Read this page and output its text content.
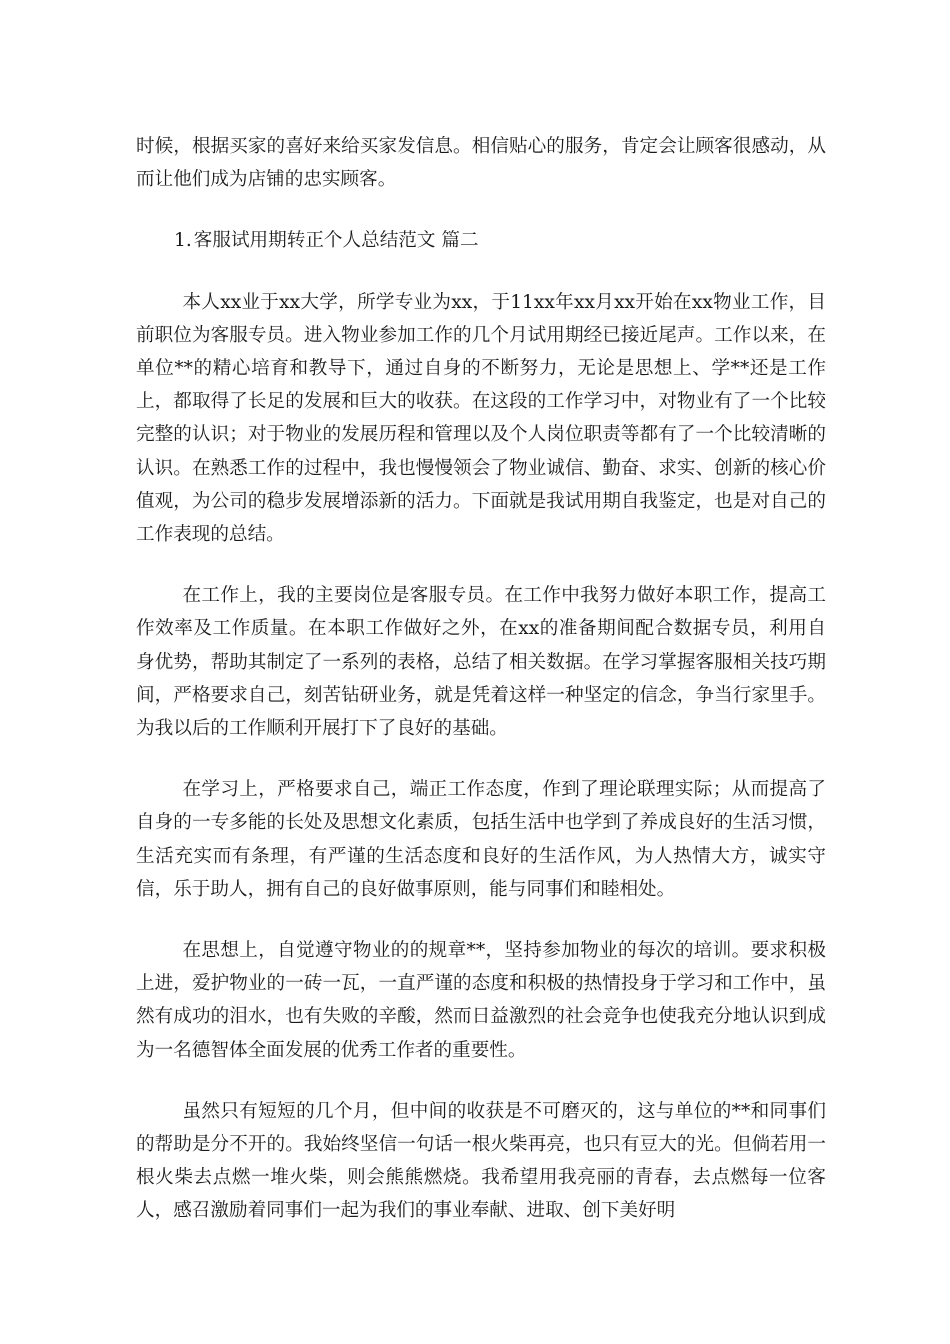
时候，根据买家的喜好来给买家发信息。相信贴心的服务，肯定会让顾客很感动，从而让他们成为店铺的忠实顾客。

1. 客服试用期转正个人总结范文 篇二

本人xx业于xx大学，所学专业为xx，于11xx年xx月xx开始在xx物业工作，目前职位为客服专员。进入物业参加工作的几个月试用期经已接近尾声。工作以来，在单位**的精心培育和教导下，通过自身的不断努力，无论是思想上、学**还是工作上，都取得了长足的发展和巨大的收获。在这段的工作学习中，对物业有了一个比较完整的认识；对于物业的发展历程和管理以及个人岗位职责等都有了一个比较清晰的认识。在熟悉工作的过程中，我也慢慢领会了物业诚信、勤奋、求实、创新的核心价值观，为公司的稳步发展增添新的活力。下面就是我试用期自我鉴定，也是对自己的工作表现的总结。

在工作上，我的主要岗位是客服专员。在工作中我努力做好本职工作，提高工作效率及工作质量。在本职工作做好之外，在xx的准备期间配合数据专员，利用自身优势，帮助其制定了一系列的表格，总结了相关数据。在学习掌握客服相关技巧期间，严格要求自己，刻苦钻研业务，就是凭着这样一种坚定的信念，争当行家里手。为我以后的工作顺利开展打下了良好的基础。

在学习上，严格要求自己，端正工作态度，作到了理论联理实际；从而提高了自身的一专多能的长处及思想文化素质，包括生活中也学到了养成良好的生活习惯，生活充实而有条理，有严谨的生活态度和良好的生活作风，为人热情大方，诚实守信，乐于助人，拥有自己的良好做事原则，能与同事们和睦相处。

在思想上，自觉遵守物业的的规章**，坚持参加物业的每次的培训。要求积极上进，爱护物业的一砖一瓦，一直严谨的态度和积极的热情投身于学习和工作中，虽然有成功的泪水，也有失败的辛酸，然而日益激烈的社会竞争也使我充分地认识到成为一名德智体全面发展的优秀工作者的重要性。

虽然只有短短的几个月，但中间的收获是不可磨灭的，这与单位的**和同事们的帮助是分不开的。我始终坚信一句话一根火柴再亮，也只有豆大的光。但倘若用一根火柴去点燃一堆火柴，则会熊熊燃烧。我希望用我亮丽的青春，去点燃每一位客人，感召激励着同事们一起为我们的事业奉献、进取、创下美好明
